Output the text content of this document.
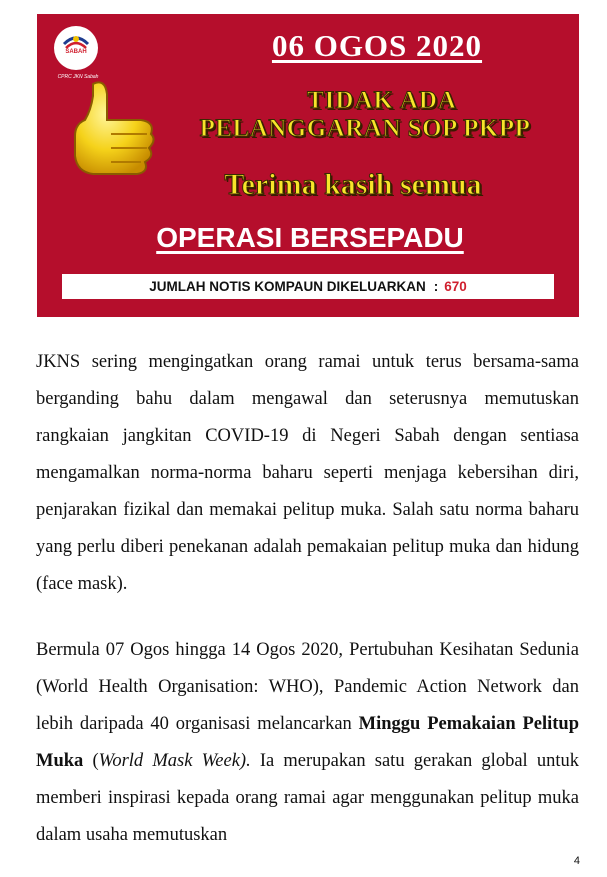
SABAH
CPRC JKN Sabah
06 OGOS 2020
TIDAK ADA
PELANGGARAN SOP PKPP
Terima kasih semua
OPERASI BERSEPADU
JUMLAH NOTIS KOMPAUN DIKELUARKAN : 670
JKNS sering mengingatkan orang ramai untuk terus bersama-sama berganding bahu dalam mengawal dan seterusnya memutuskan rangkaian jangkitan COVID-19 di Negeri Sabah dengan sentiasa mengamalkan norma-norma baharu seperti menjaga kebersihan diri, penjarakan fizikal dan memakai pelitup muka. Salah satu norma baharu yang perlu diberi penekanan adalah pemakaian pelitup muka dan hidung (face mask).
Bermula 07 Ogos hingga 14 Ogos 2020, Pertubuhan Kesihatan Sedunia (World Health Organisation: WHO), Pandemic Action Network dan lebih daripada 40 organisasi melancarkan Minggu Pemakaian Pelitup Muka (World Mask Week). Ia merupakan satu gerakan global untuk memberi inspirasi kepada orang ramai agar menggunakan pelitup muka dalam usaha memutuskan
4
